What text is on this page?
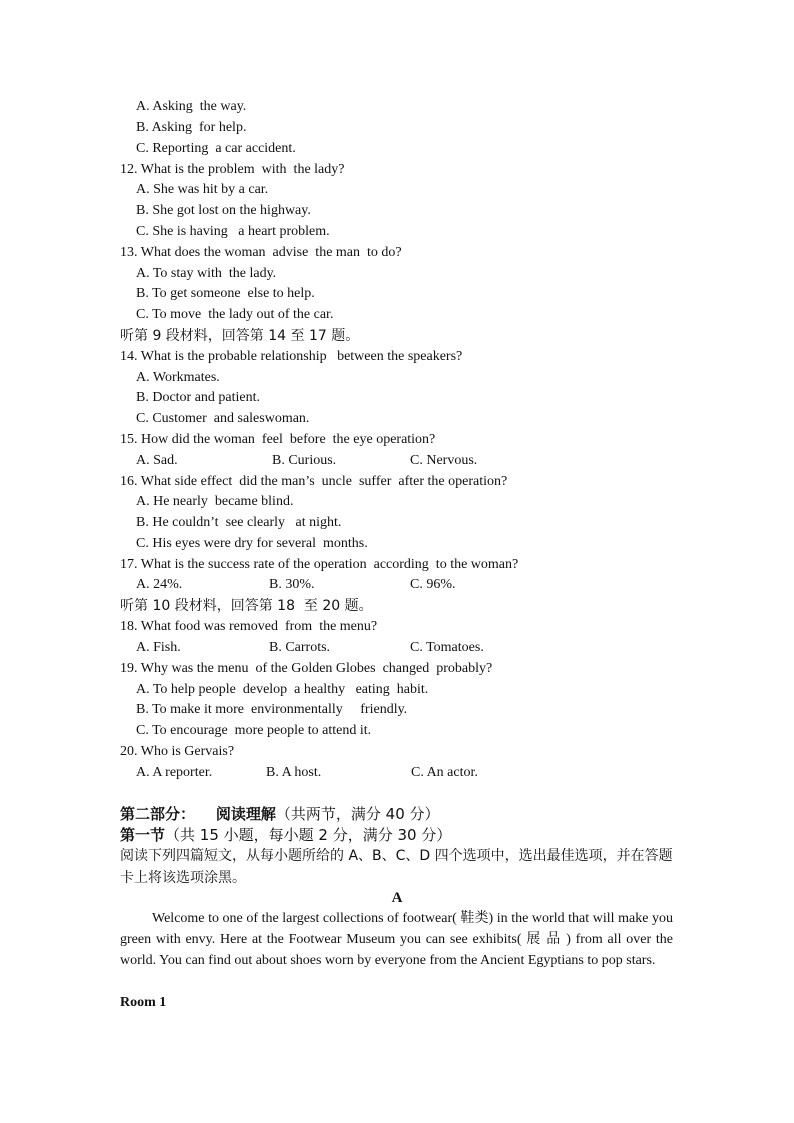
A. Asking  the way.
B. Asking  for help.
C. Reporting  a car accident.
12. What is the problem  with  the lady?
A. She was hit by a car.
B. She got lost on the highway.
C. She is having   a heart problem.
13. What does the woman  advise  the man  to do?
A. To stay with  the lady.
B. To get someone  else to help.
C. To move  the lady out of the car.
听第 9 段材料，回答第 14 至 17 题。
14. What is the probable relationship   between the speakers?
A. Workmates.
B. Doctor and patient.
C. Customer  and saleswoman.
15. How did the woman  feel  before  the eye operation?

A. Sad.

	B. Curious.

	C. Nervous.

16. What side effect  did the man’s  uncle  suffer  after the operation?
A. He nearly  became blind.
B. He couldn’t  see clearly   at night.
C. His eyes were dry for several  months.
17. What is the success rate of the operation  according  to the woman?

A. 24%.

	B. 30%.

	C. 96%.

听第 10 段材料，回答第 18  至 20 题。
18. What food was removed  from  the menu?

A. Fish.

	B. Carrots.

	C. Tomatoes.

19. Why was the menu  of the Golden Globes  changed  probably?
A. To help people  develop  a healthy   eating  habit.
B. To make it more  environmentally     friendly.
C. To encourage  more people to attend it.
20. Who is Gervais?

A. A reporter.

	B. A host.

	C. An actor.

第二部分：    阅读理解（共两节，满分 40 分）
第一节（共 15 小题，每小题 2 分，满分 30 分）
阅读下列四篇短文，从每小题所给的 A、B、C、D 四个选项中，选出最佳选项，并在答题卡上将该选项涂黑。
A
Welcome to one of the largest collections of footwear( 鞋类) in the world that will make you green with envy. Here at the Footwear Museum you can see exhibits( 展 品 ) from all over the world. You can find out about shoes worn by everyone from the Ancient Egyptians to pop stars.
Room 1
